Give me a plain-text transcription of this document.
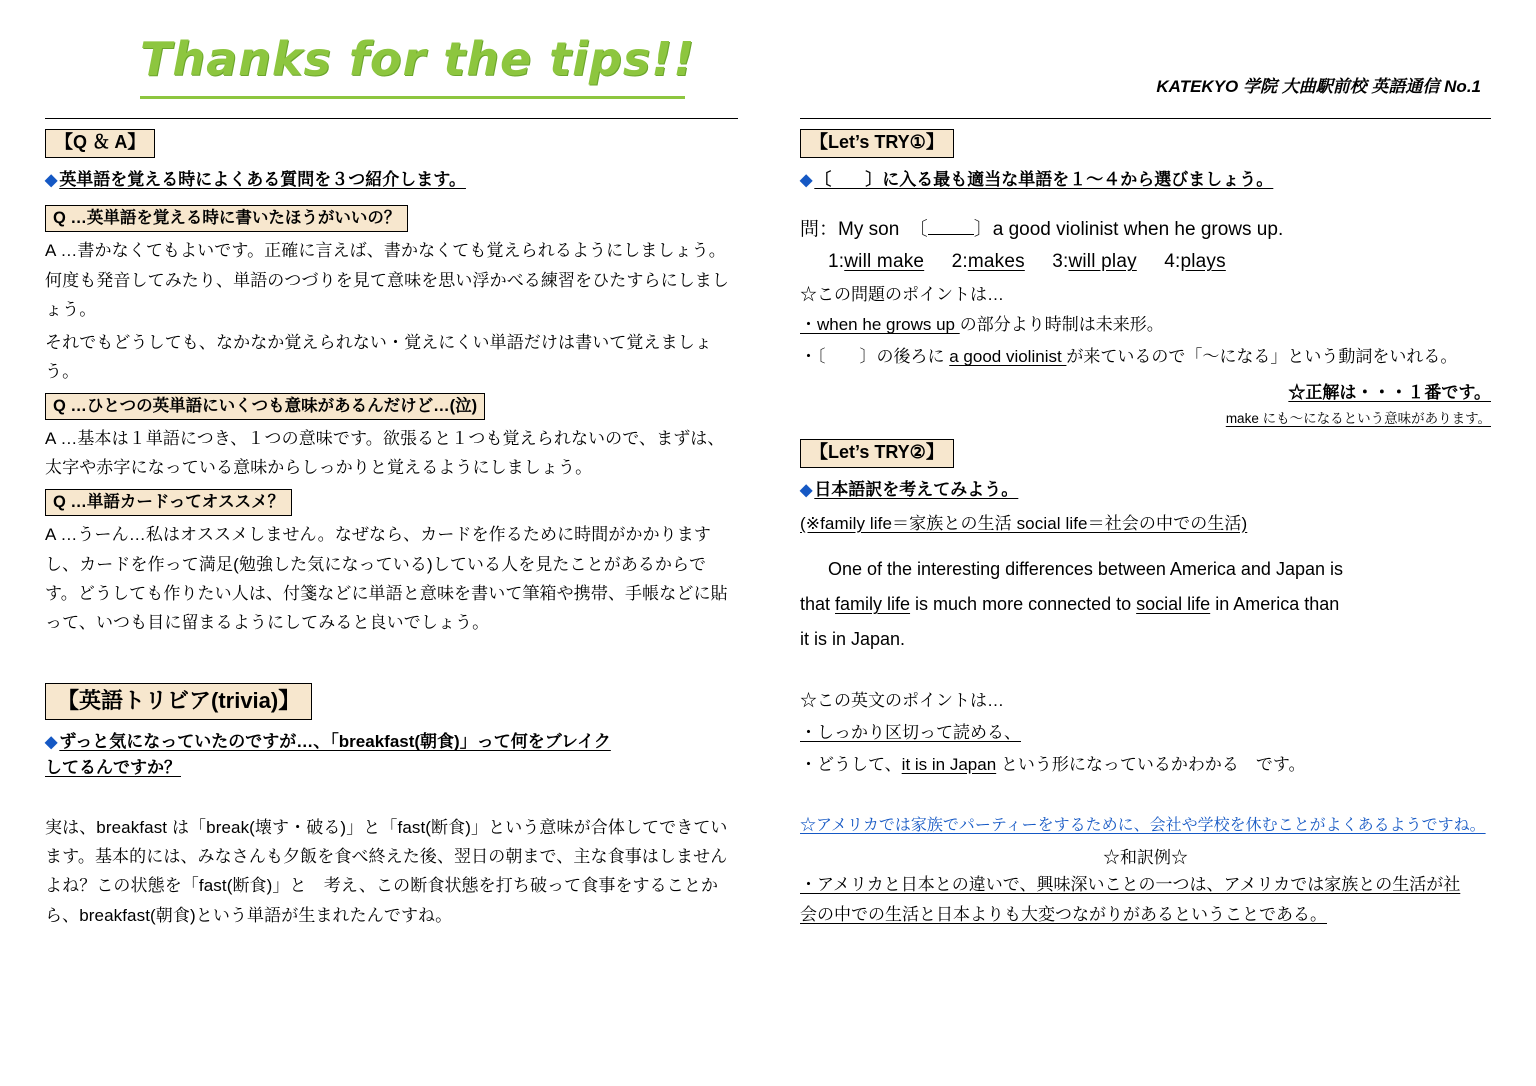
Thanks for the tips!!
KATEKYO 学院 大曲駅前校 英語通信 No.1
【Q ＆ A】
◆ 英単語を覚える時によくある質問を３つ紹介します。
Q …英単語を覚える時に書いたほうがいいの？
A …書かなくてもよいです。正確に言えば、書かなくても覚えられるようにしましょう。何度も発音してみたり、単語のつづりを見て意味を思い浮かべる練習をひたすらにしましょう。
それでもどうしても、なかなか覚えられない・覚えにくい単語だけは書いて覚えましょう。
Q …ひとつの英単語にいくつも意味があるんだけど…(泣)
A …基本は１単語につき、１つの意味です。欲張ると１つも覚えられないので、まずは、太字や赤字になっている意味からしっかりと覚えるようにしましょう。
Q …単語カードってオススメ？
A …うーん…私はオススメしません。なぜなら、カードを作るために時間がかかりますし、カードを作って満足(勉強した気になっている)している人を見たことがあるからです。どうしても作りたい人は、付箋などに単語と意味を書いて筆箱や携帯、手帳などに貼って、いつも目に留まるようにしてみると良いでしょう。
【英語トリビア(trivia)】
◆ ずっと気になっていたのですが…、「breakfast(朝食)」って何をブレイク
してるんですか？
実は、breakfast は「break(壊す・破る)」と「fast(断食)」という意味が合体してできています。基本的には、みなさんも夕飯を食べ終えた後、翌日の朝まで、主な食事はしませんよね？この状態を「fast(断食)」と　考え、この断食状態を打ち破って食事をすることから、breakfast(朝食)という単語が生まれたんですね。
【Let’s TRY①】
◆ 〔　　〕に入る最も適当な単語を１～４から選びましょう。
問：My son　〔 〕a good violinist when he grows up.
1:will make 2:makes 3:will play 4:plays
☆この問題のポイントは…
・when he grows up の部分より時制は未来形。
・〔　　〕の後ろに a good violinist が来ているので「～になる」という動詞をいれる。
☆正解は・・・１番です。
make にも～になるという意味があります。
【Let’s TRY②】
◆ 日本語訳を考えてみよう。
(※family life＝家族との生活 social life＝社会の中での生活)
One of the interesting differences between America and Japan is
that family life is much more connected to social life in America than
it is in Japan.
☆この英文のポイントは…
・しっかり区切って読める、
・どうして、it is in Japan という形になっているかわかる　です。
☆アメリカでは家族でパーティーをするために、会社や学校を休むことがよくあるようですね。
☆和訳例☆
・アメリカと日本との違いで、興味深いことの一つは、アメリカでは家族との生活が社
会の中での生活と日本よりも大変つながりがあるということである。
